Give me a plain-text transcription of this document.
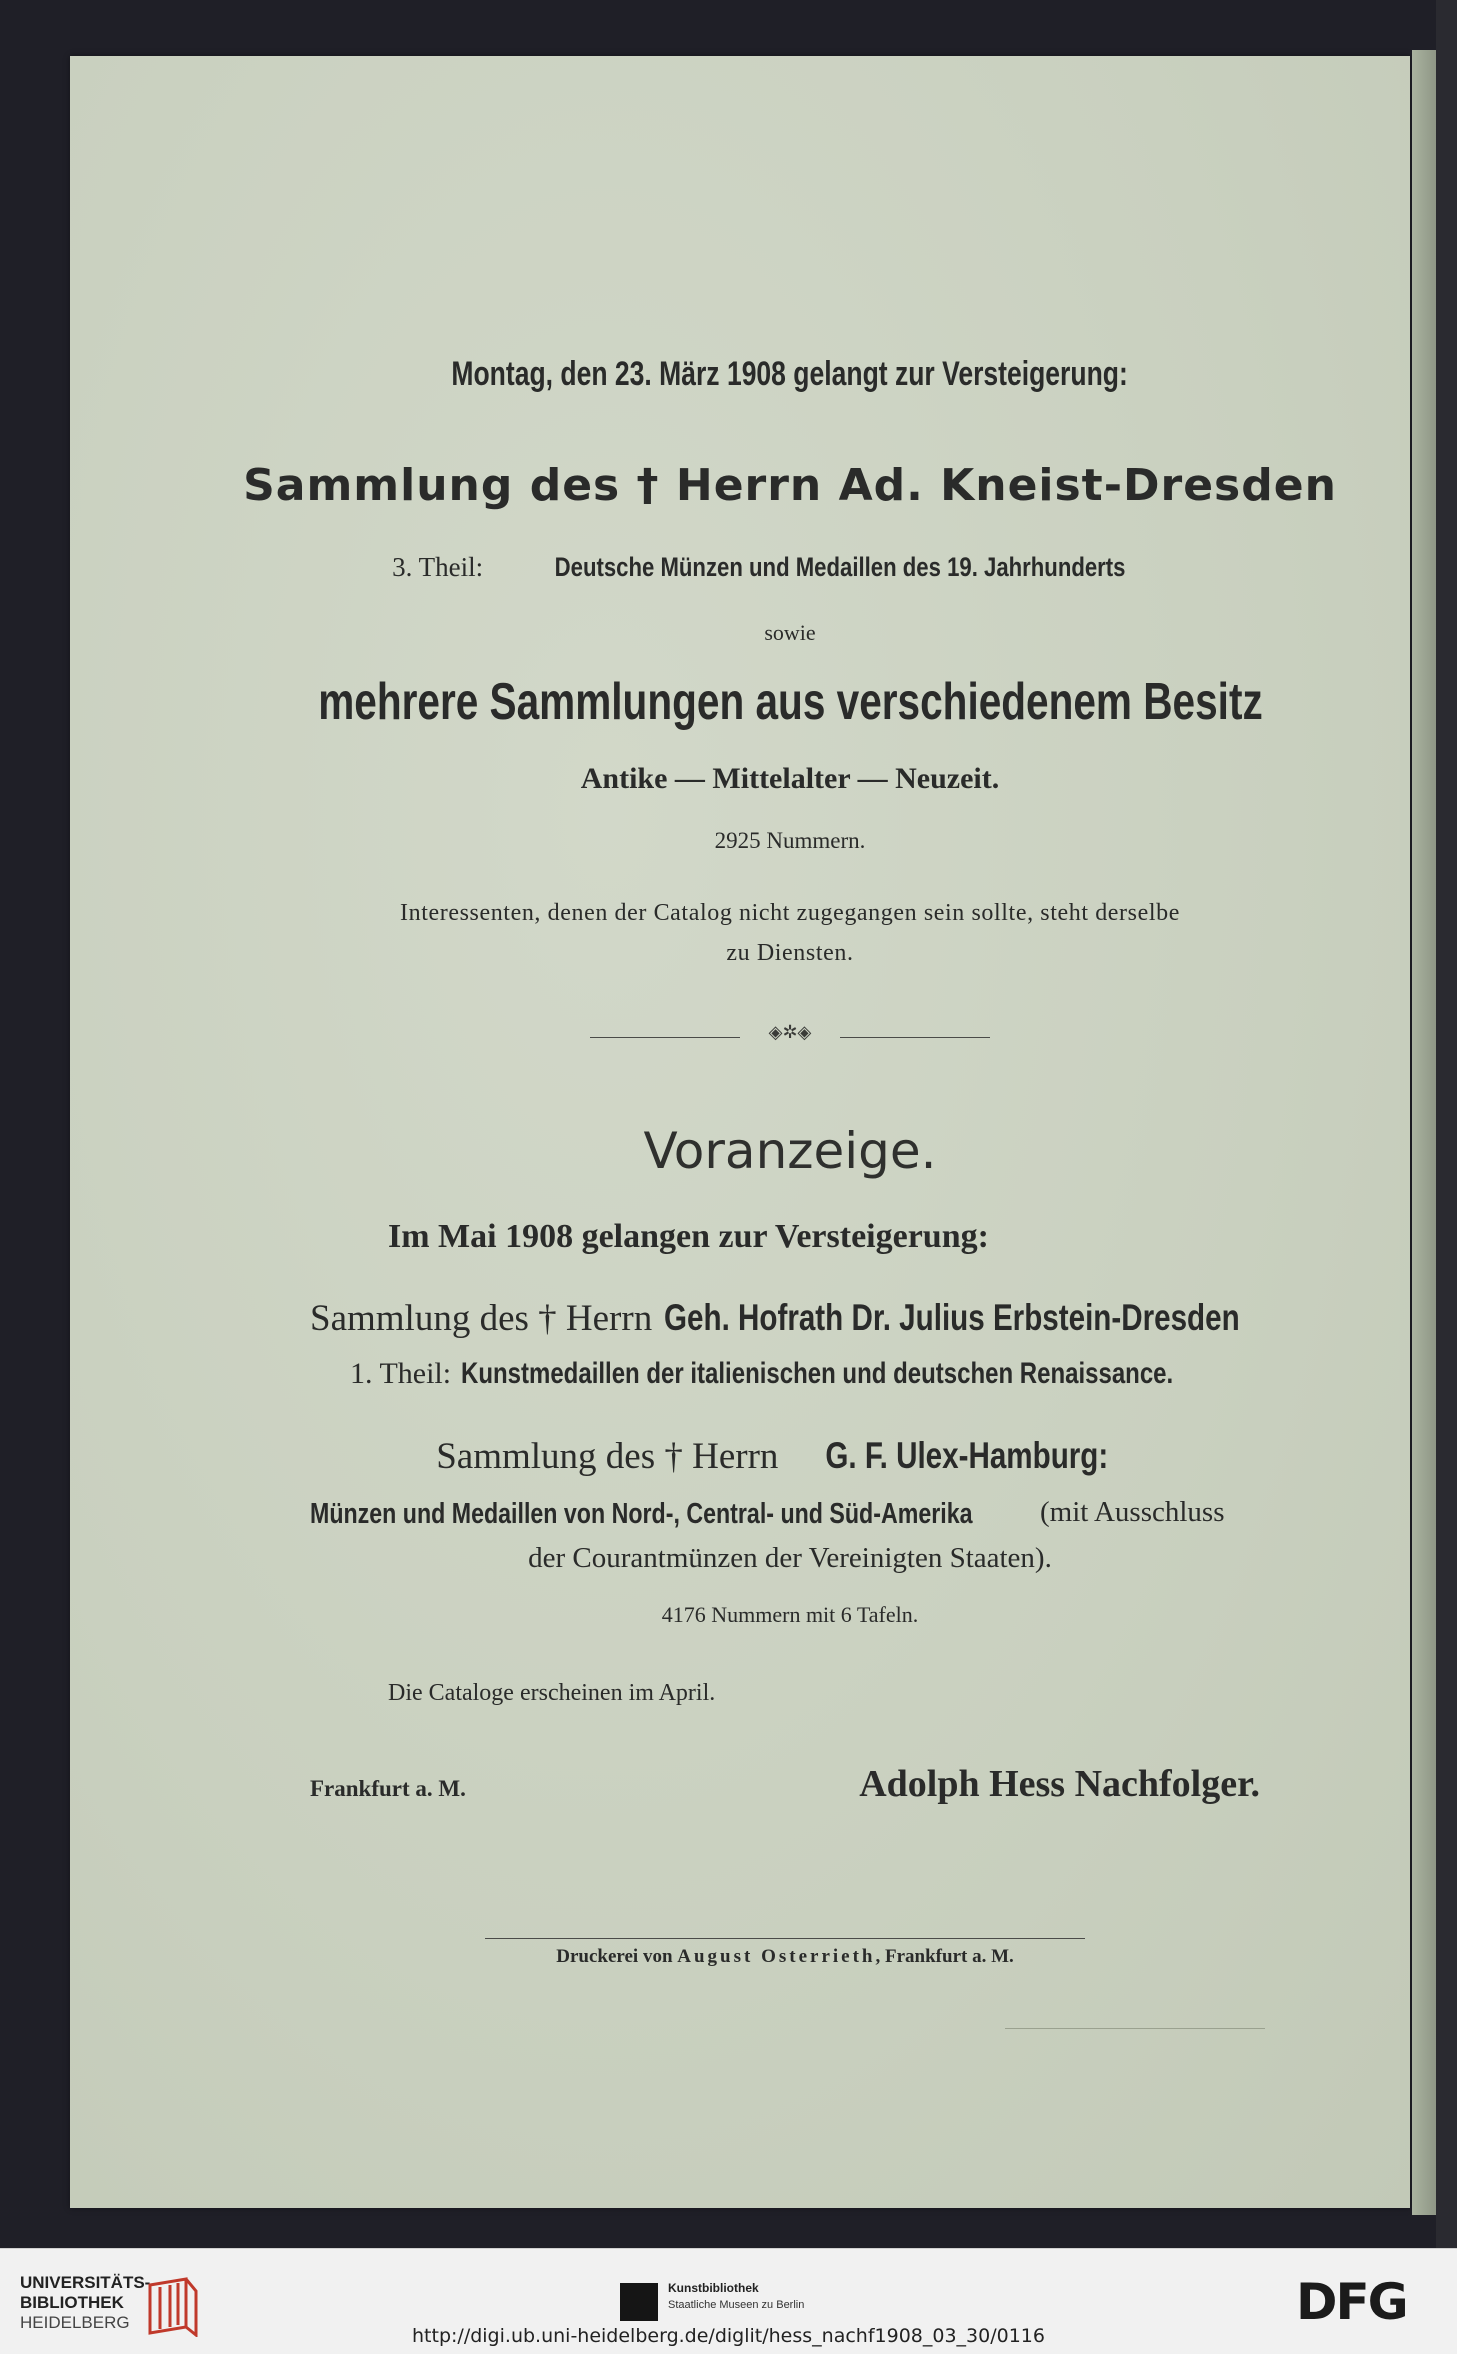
Montag, den 23. März 1908 gelangt zur Versteigerung:
Sammlung des † Herrn Ad. Kneist-Dresden
3. Theil:	Deutsche Münzen und Medaillen des 19. Jahrhunderts
sowie
mehrere Sammlungen aus verschiedenem Besitz
Antike — Mittelalter — Neuzeit.
2925 Nummern.
Interessenten, denen der Catalog nicht zugegangen sein sollte, steht derselbe
zu Diensten.
◈✲◈
Voranzeige.
Im Mai 1908 gelangen zur Versteigerung:
Sammlung des † Herrn Geh. Hofrath Dr. Julius Erbstein-Dresden
1. Theil: Kunstmedaillen der italienischen und deutschen Renaissance.
Sammlung des † Herrn G. F. Ulex-Hamburg:
Münzen und Medaillen von Nord-, Central- und Süd-Amerika (mit Ausschluss
der Courantmünzen der Vereinigten Staaten).
4176 Nummern mit 6 Tafeln.
Die Cataloge erscheinen im April.
Frankfurt a. M.	Adolph Hess Nachfolger.
Druckerei von August Osterrieth, Frankfurt a. M.
UNIVERSITÄTS-
BIBLIOTHEK
HEIDELBERG
Kunstbibliothek
Staatliche Museen zu Berlin	DFG
http://digi.ub.uni-heidelberg.de/diglit/hess_nachf1908_03_30/0116
